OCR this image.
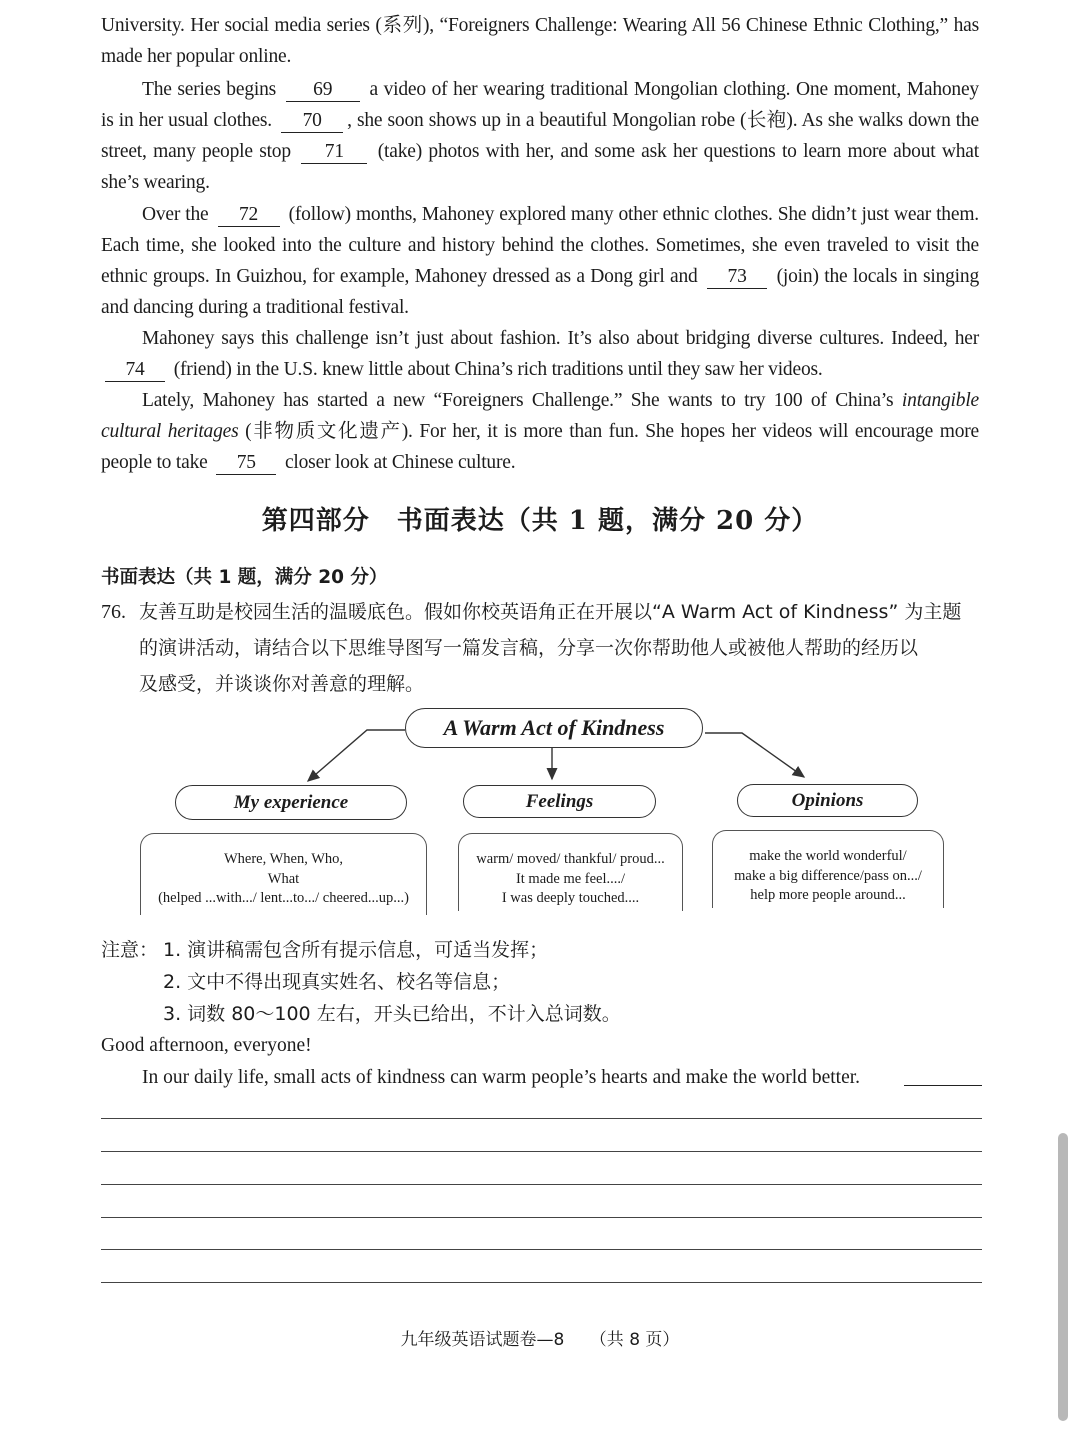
University. Her social media series (系列), “Foreigners Challenge: Wearing All 56 Chinese Ethnic Clothing,” has made her popular online.
The series begins 69 a video of her wearing traditional Mongolian clothing. One moment, Mahoney is in her usual clothes. 70 , she soon shows up in a beautiful Mongolian robe (长袍). As she walks down the street, many people stop 71 (take) photos with her, and some ask her questions to learn more about what she’s wearing.
Over the 72 (follow) months, Mahoney explored many other ethnic clothes. She didn’t just wear them. Each time, she looked into the culture and history behind the clothes. Sometimes, she even traveled to visit the ethnic groups. In Guizhou, for example, Mahoney dressed as a Dong girl and 73 (join) the locals in singing and dancing during a traditional festival.
Mahoney says this challenge isn’t just about fashion. It’s also about bridging diverse cultures. Indeed, her 74 (friend) in the U.S. knew little about China’s rich traditions until they saw her videos.
Lately, Mahoney has started a new “Foreigners Challenge.” She wants to try 100 of China’s intangible cultural heritages (非物质文化遗产). For her, it is more than fun. She hopes her videos will encourage more people to take 75 closer look at Chinese culture.
第四部分　书面表达（共 1 题，满分 20 分）
书面表达（共 1 题，满分 20 分）
76. 友善互助是校园生活的温暖底色。假如你校英语角正在开展以“A Warm Act of Kindness” 为主题
的演讲活动，请结合以下思维导图写一篇发言稿，分享一次你帮助他人或被他人帮助的经历以
及感受，并谈谈你对善意的理解。
A Warm Act of Kindness
My experience	Feelings	Opinions
Where, When, Who,
What
(helped ...with.../ lent...to.../ cheered...up...)
warm/ moved/ thankful/ proud...
It made me feel..../
I was deeply touched....
make the world wonderful/
make a big difference/pass on.../
help more people around...
注意： 1. 演讲稿需包含所有提示信息，可适当发挥；
2. 文中不得出现真实姓名、校名等信息；
3. 词数 80～100 左右，开头已给出，不计入总词数。
Good afternoon, everyone!
In our daily life, small acts of kindness can warm people’s hearts and make the world better.
九年级英语试题卷—8 （共 8 页）
